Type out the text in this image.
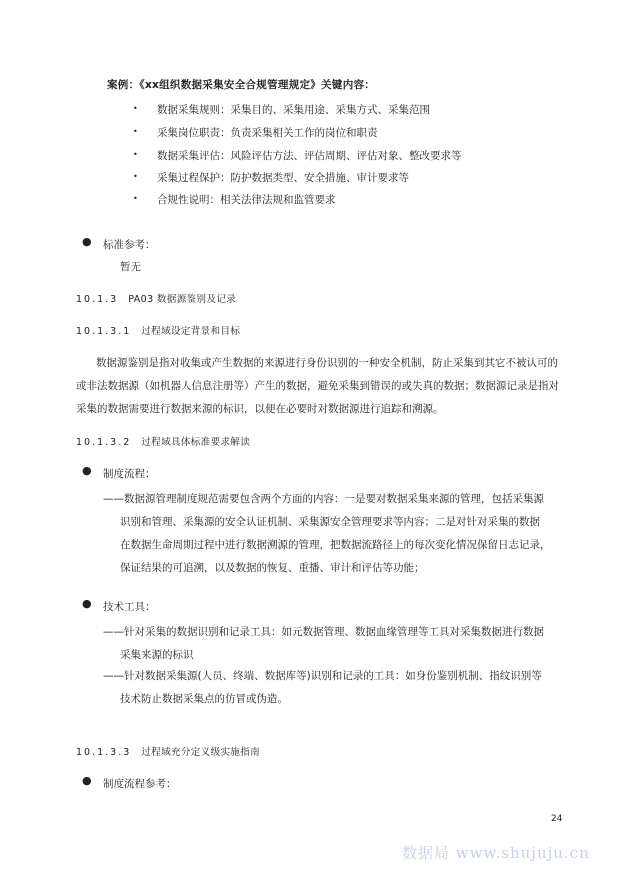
案例：《xx组织数据采集安全合规管理规定》关键内容：
• 数据采集规则：采集目的、采集用途、采集方式、采集范围
• 采集岗位职责：负责采集相关工作的岗位和职责
• 数据采集评估：风险评估方法、评估周期、评估对象、整改要求等
• 采集过程保护：防护数据类型、安全措施、审计要求等
• 合规性说明：相关法律法规和监管要求
● 标准参考：
暂无
10.1.3 PA03 数据源鉴别及记录
10.1.3.1 过程域设定背景和目标
数据源鉴别是指对收集或产生数据的来源进行身份识别的一种安全机制，防止采集到其它不被认可的
或非法数据源（如机器人信息注册等）产生的数据，避免采集到错误的或失真的数据；数据源记录是指对
采集的数据需要进行数据来源的标识，以便在必要时对数据源进行追踪和溯源。
10.1.3.2 过程域具体标准要求解读
● 制度流程：
——数据源管理制度规范需要包含两个方面的内容：一是要对数据采集来源的管理，包括采集源
识别和管理、采集源的安全认证机制、采集源安全管理要求等内容；二是对针对采集的数据
在数据生命周期过程中进行数据溯源的管理，把数据流路径上的每次变化情况保留日志记录，
保证结果的可追溯，以及数据的恢复、重播、审计和评估等功能；
● 技术工具：
——针对采集的数据识别和记录工具：如元数据管理、数据血缘管理等工具对采集数据进行数据
采集来源的标识
——针对数据采集源(人员、终端、数据库等)识别和记录的工具：如身份鉴别机制、指纹识别等
技术防止数据采集点的仿冒或伪造。
10.1.3.3 过程域充分定义级实施指南
● 制度流程参考：
24
数据局 www.shujuju.cn
